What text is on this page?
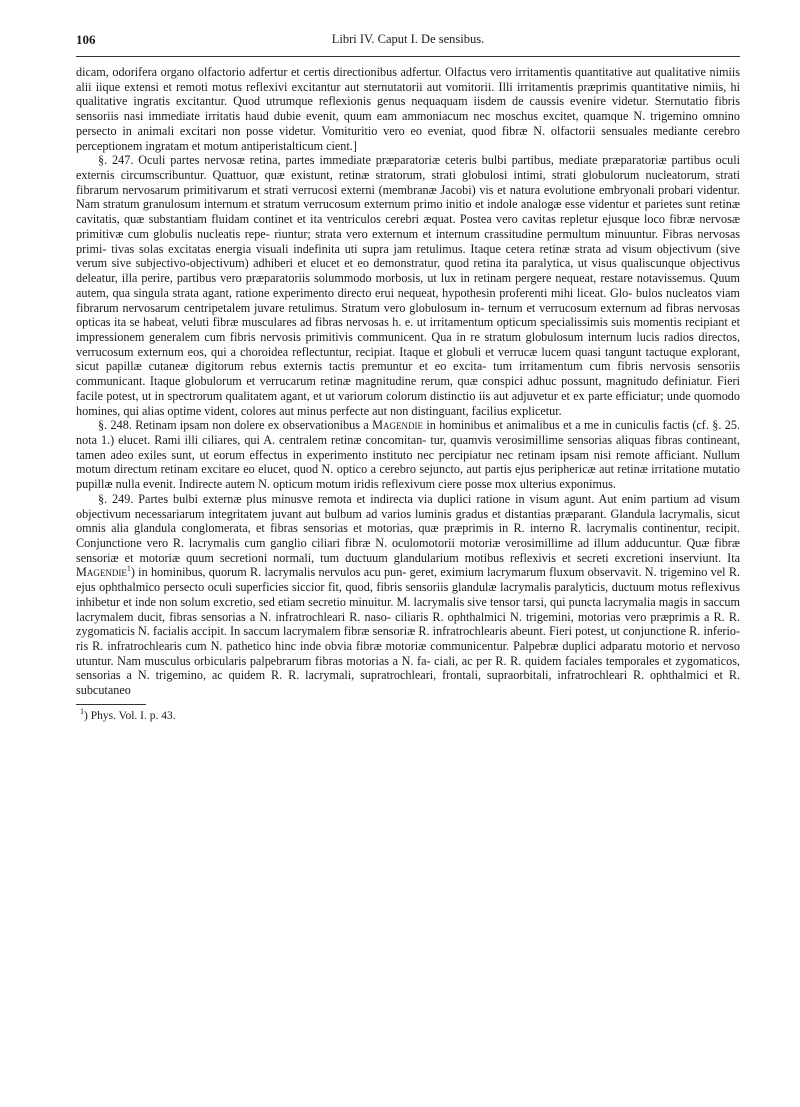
106	Libri IV. Caput I. De sensibus.

dicam, odorifera organo olfactorio adfertur et certis directionibus adfertur. Olfactus vero irritamentis quantitative aut qualitative nimiis alii iique extensi et remoti motus reflexivi excitantur aut sternutatorii aut vomitorii. Illi irritamentis præprimis quantitative nimiis, hi qualitative ingratis excitantur. Quod utrumque reflexionis genus nequaquam iisdem de caussis evenire videtur. Sternutatio fibris sensoriis nasi immediate irritatis haud dubie evenit, quum eam ammoniacum nec moschus excitet, quamque N. trigemino omnino persecto in animali excitari non posse videtur. Vomituritio vero eo eveniat, quod fibræ N. olfactorii sensuales mediante cerebro perceptionem ingratam et motum antiperistalticum cient.]

§. 247. Oculi partes nervosæ retina, partes immediate præparatoriæ ceteris bulbi partibus, mediate præparatoriæ partibus oculi externis circumscribuntur. Quattuor, quæ existunt, retinæ stratorum, strati globulosi intimi, strati globulorum nucleatorum, strati fibrarum nervosarum primitivarum et strati verrucosi externi (membranæ Jacobi) vis et natura evolutione embryonali probari videntur. Nam stratum granulosum internum et stratum verrucosum externum primo initio et indole analogæ esse videntur et parietes sunt retinæ cavitatis, quæ substantiam fluidam continet et ita ventriculos cerebri æquat. Postea vero cavitas repletur ejusque loco fibræ nervosæ primitivæ cum globulis nucleatis repe- riuntur; strata vero externum et internum crassitudine permultum minuuntur. Fibras nervosas primi- tivas solas excitatas energia visuali indefinita uti supra jam retulimus. Itaque cetera retinæ strata ad visum objectivum (sive verum sive subjectivo-objectivum) adhiberi et elucet et eo demonstratur, quod retina ita paralytica, ut visus qualiscunque objectivus deleatur, illa perire, partibus vero præparatoriis solummodo morbosis, ut lux in retinam pergere nequeat, restare notavissemus. Quum autem, qua singula strata agant, ratione experimento directo erui nequeat, hypothesin proferenti mihi liceat. Glo- bulos nucleatos viam fibrarum nervosarum centripetalem juvare retulimus. Stratum vero globulosum in- ternum et verrucosum externum ad fibras nervosas opticas ita se habeat, veluti fibræ musculares ad fibras nervosas h. e. ut irritamentum opticum specialissimis suis momentis recipiant et impressionem generalem cum fibris nervosis primitivis communicent. Qua in re stratum globulosum internum lucis radios directos, verrucosum externum eos, qui a choroidea reflectuntur, recipiat. Itaque et globuli et verrucæ lucem quasi tangunt tactuque explorant, sicut papillæ cutaneæ digitorum rebus externis tactis premuntur et eo excita- tum irritamentum cum fibris nervosis sensoriis communicant. Itaque globulorum et verrucarum retinæ magnitudine rerum, quæ conspici adhuc possunt, magnitudo definiatur. Fieri facile potest, ut in spectrorum qualitatem agant, et ut variorum colorum distinctio iis aut adjuvetur et ex parte efficiatur; unde quomodo homines, qui alias optime vident, colores aut minus perfecte aut non distinguant, facilius explicetur.

§. 248. Retinam ipsam non dolere ex observationibus a Magendie in hominibus et animalibus et a me in cuniculis factis (cf. §. 25. nota 1.) elucet. Rami illi ciliares, qui A. centralem retinæ concomitan- tur, quamvis verosimillime sensorias aliquas fibras contineant, tamen adeo exiles sunt, ut eorum effectus in experimento instituto nec percipiatur nec retinam ipsam nisi remote afficiant. Nullum motum directum retinam excitare eo elucet, quod N. optico a cerebro sejuncto, aut partis ejus periphericæ aut retinæ irritatione mutatio pupillæ nulla evenit. Indirecte autem N. opticum motum iridis reflexivum ciere posse mox ulterius exponimus.

§. 249. Partes bulbi externæ plus minusve remota et indirecta via duplici ratione in visum agunt. Aut enim partium ad visum objectivum necessariarum integritatem juvant aut bulbum ad varios luminis gradus et distantias præparant. Glandula lacrymalis, sicut omnis alia glandula conglomerata, et fibras sensorias et motorias, quæ præprimis in R. interno R. lacrymalis continentur, recipit. Conjunctione vero R. lacrymalis cum ganglio ciliari fibræ N. oculomotorii motoriæ verosimillime ad illum adducuntur. Quæ fibræ sensoriæ et motoriæ quum secretioni normali, tum ductuum glandularium motibus reflexivis et secreti excretioni inserviunt. Ita Magendie$^1$) in hominibus, quorum R. lacrymalis nervulos acu pun- geret, eximium lacrymarum fluxum observavit. N. trigemino vel R. ejus ophthalmico persecto oculi superficies siccior fit, quod, fibris sensoriis glandulæ lacrymalis paralyticis, ductuum motus reflexivus inhibetur et inde non solum excretio, sed etiam secretio minuitur. M. lacrymalis sive tensor tarsi, qui puncta lacrymalia magis in saccum lacrymalem ducit, fibras sensorias a N. infratrochleari R. naso- ciliaris R. ophthalmici N. trigemini, motorias vero præprimis a R. R. zygomaticis N. facialis accipit. In saccum lacrymalem fibræ sensoriæ R. infratrochlearis abeunt. Fieri potest, ut conjunctione R. inferio- ris R. infratrochlearis cum N. pathetico hinc inde obvia fibræ motoriæ communicentur. Palpebræ duplici adparatu motorio et nervoso utuntur. Nam musculus orbicularis palpebrarum fibras motorias a N. fa- ciali, ac per R. R. quidem faciales temporales et zygomaticos, sensorias a N. trigemino, ac quidem R. R. lacrymali, supratrochleari, frontali, supraorbitali, infratrochleari R. ophthalmici et R. subcutaneo

$^1$) Phys. Vol. I. p. 43.
